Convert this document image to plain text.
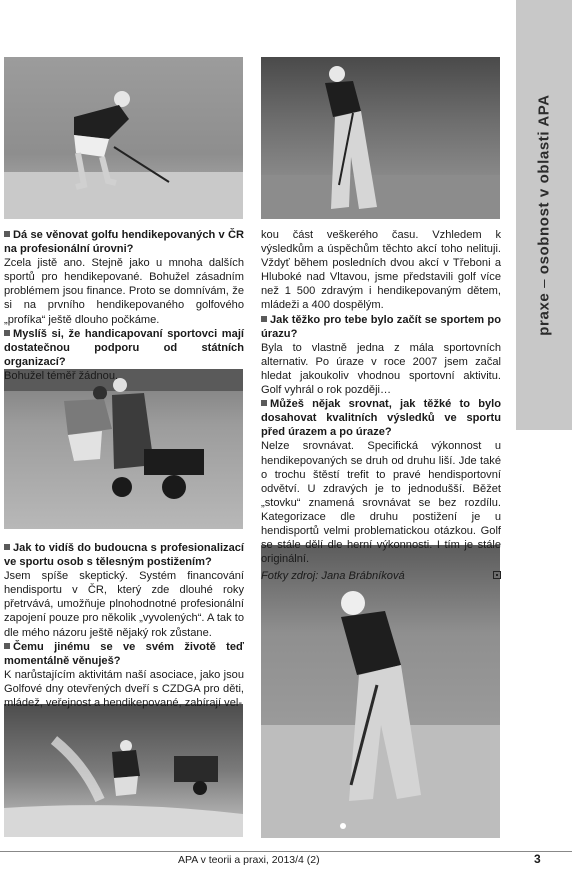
Dá se věnovat golfu hendikepovaných v ČR na profesionální úrovni?

Zcela jistě ano. Stejně jako u mnoha dalších sportů pro hendikepované. Bohužel zásadním problémem jsou finance. Proto se domnívám, že si na prvního hendikepovaného golfového „profíka“ ještě dlouho počkáme.

Myslíš si, že handicapovaní sportovci mají dostatečnou podporu od státních organizací?

Bohužel téměř žádnou.

Jak to vidíš do budoucna s profesionalizací ve sportu osob s tělesným postižením?

Jsem spíše skeptický. Systém financování hendisportu v ČR, který zde dlouhé roky přetrvává, umožňuje plnohodnotné profesionální zapojení pouze pro několik „vyvolených“. A tak to dle mého názoru ještě nějaký rok zůstane.

Čemu jinému se ve svém životě teď momentálně věnuješ?

K narůstajícím aktivitám naší asociace, jako jsou Golfové dny otevřených dveří s CZDGA pro děti, mládež, veřejnost a hendikepované, zabírají vel-

kou část veškerého času. Vzhledem k výsledkům a úspěchům těchto akcí toho nelituji. Vždyť během posledních dvou akcí v Třeboni a Hluboké nad Vltavou, jsme představili golf více než 1 500 zdravým i hendikepovaným dětem, mládeži a 400 dospělým.

Jak těžko pro tebe bylo začít se sportem po úrazu?

Byla to vlastně jedna z mála sportovních alternativ. Po úraze v roce 2007 jsem začal hledat jakoukoliv vhodnou sportovní aktivitu. Golf vyhrál o rok později…

Můžeš nějak srovnat, jak těžké to bylo dosahovat kvalitních výsledků ve sportu před úrazem a po úraze?

Nelze srovnávat. Specifická výkonnost u hendikepovaných se druh od druhu liší. Jde také o trochu štěstí trefit to pravé hendisportovní odvětví. U zdravých je to jednodušší. Běžet „stovku“ znamená srovnávat se bez rozdílu. Kategorizace dle druhu postižení je u hendisportů velmi problematickou otázkou. Golf se stále dělí dle herní výkonnosti. I tím je stále originální.

Fotky zdroj: Jana Brábníková

praxe – osobnost v oblasti APA
APA v teorii a praxi, 2013/4 (2)	3
